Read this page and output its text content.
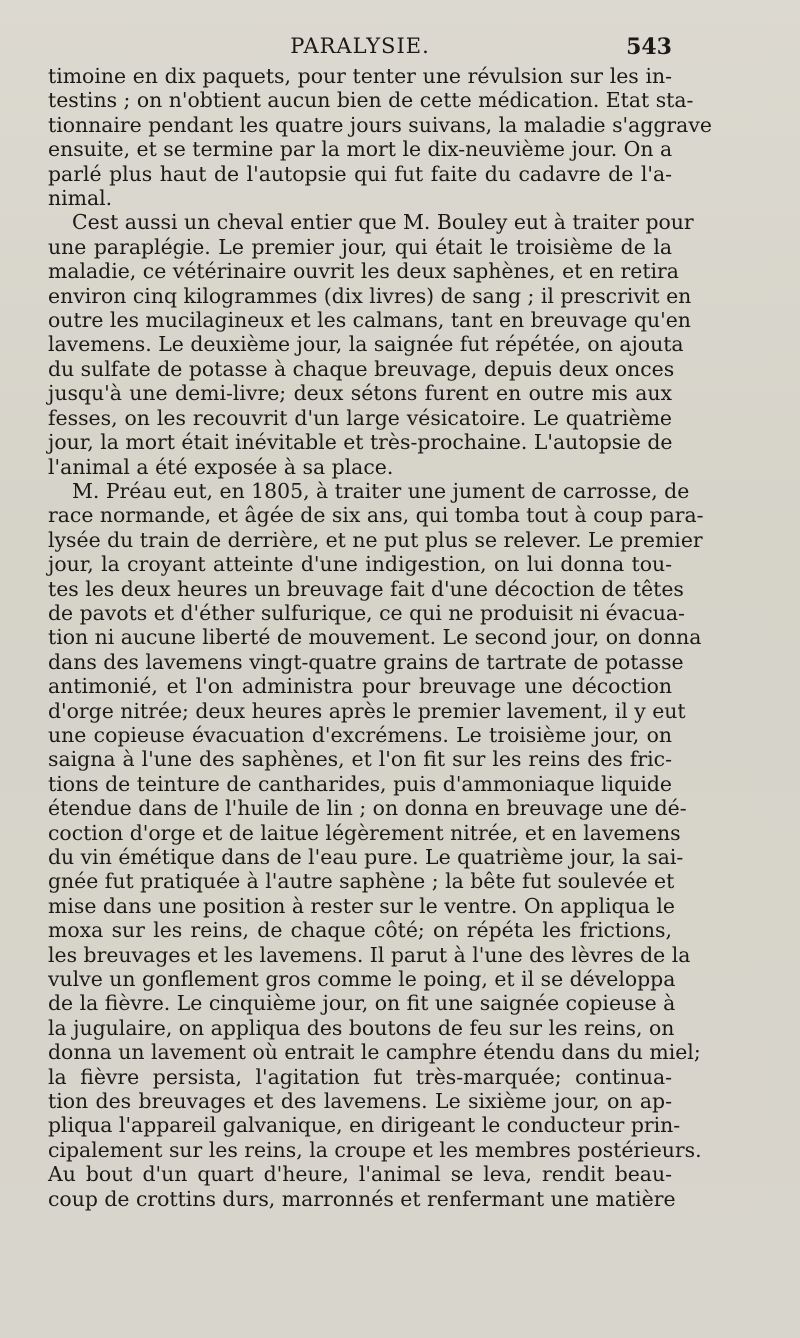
PARALYSIE.	543

timoine en dix paquets, pour tenter une révulsion sur les in-
testins ; on n'obtient aucun bien de cette médication. Etat sta-
tionnaire pendant les quatre jours suivans, la maladie s'aggrave
ensuite, et se termine par la mort le dix-neuvième jour. On a
parlé plus haut de l'autopsie qui fut faite du cadavre de l'a-
nimal.

Cest aussi un cheval entier que M. Bouley eut à traiter pour
une paraplégie. Le premier jour, qui était le troisième de la
maladie, ce vétérinaire ouvrit les deux saphènes, et en retira
environ cinq kilogrammes (dix livres) de sang ; il prescrivit en
outre les mucilagineux et les calmans, tant en breuvage qu'en
lavemens. Le deuxième jour, la saignée fut répétée, on ajouta
du sulfate de potasse à chaque breuvage, depuis deux onces
jusqu'à une demi-livre; deux sétons furent en outre mis aux
fesses, on les recouvrit d'un large vésicatoire. Le quatrième
jour, la mort était inévitable et très-prochaine. L'autopsie de
l'animal a été exposée à sa place.

M. Préau eut, en 1805, à traiter une jument de carrosse, de
race normande, et âgée de six ans, qui tomba tout à coup para-
lysée du train de derrière, et ne put plus se relever. Le premier
jour, la croyant atteinte d'une indigestion, on lui donna tou-
tes les deux heures un breuvage fait d'une décoction de têtes
de pavots et d'éther sulfurique, ce qui ne produisit ni évacua-
tion ni aucune liberté de mouvement. Le second jour, on donna
dans des lavemens vingt-quatre grains de tartrate de potasse
antimonié, et l'on administra pour breuvage une décoction
d'orge nitrée; deux heures après le premier lavement, il y eut
une copieuse évacuation d'excrémens. Le troisième jour, on
saigna à l'une des saphènes, et l'on fit sur les reins des fric-
tions de teinture de cantharides, puis d'ammoniaque liquide
étendue dans de l'huile de lin ; on donna en breuvage une dé-
coction d'orge et de laitue légèrement nitrée, et en lavemens
du vin émétique dans de l'eau pure. Le quatrième jour, la sai-
gnée fut pratiquée à l'autre saphène ; la bête fut soulevée et
mise dans une position à rester sur le ventre. On appliqua le
moxa sur les reins, de chaque côté; on répéta les frictions,
les breuvages et les lavemens. Il parut à l'une des lèvres de la
vulve un gonflement gros comme le poing, et il se développa
de la fièvre. Le cinquième jour, on fit une saignée copieuse à
la jugulaire, on appliqua des boutons de feu sur les reins, on
donna un lavement où entrait le camphre étendu dans du miel;
la fièvre persista, l'agitation fut très-marquée; continua-
tion des breuvages et des lavemens. Le sixième jour, on ap-
pliqua l'appareil galvanique, en dirigeant le conducteur prin-
cipalement sur les reins, la croupe et les membres postérieurs.
Au bout d'un quart d'heure, l'animal se leva, rendit beau-
coup de crottins durs, marronnés et renfermant une matière
